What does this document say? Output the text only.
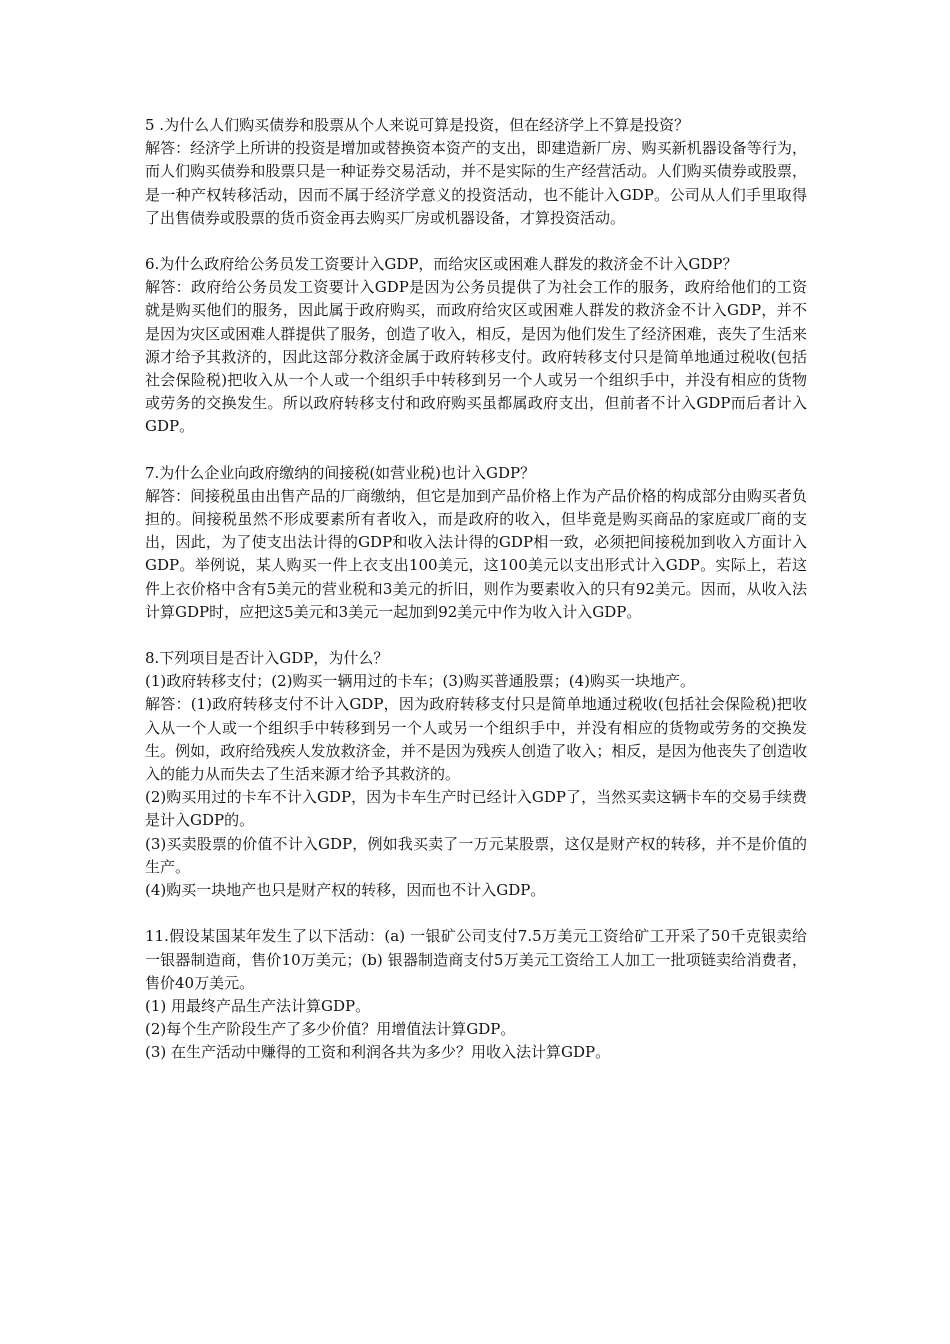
5 .为什么人们购买债券和股票从个人来说可算是投资，但在经济学上不算是投资？

解答：经济学上所讲的投资是增加或替换资本资产的支出，即建造新厂房、购买新机器设备等行为，而人们购买债券和股票只是一种证券交易活动，并不是实际的生产经营活动。人们购买债券或股票，是一种产权转移活动，因而不属于经济学意义的投资活动，也不能计入GDP。公司从人们手里取得了出售债券或股票的货币资金再去购买厂房或机器设备，才算投资活动。

6.为什么政府给公务员发工资要计入GDP，而给灾区或困难人群发的救济金不计入GDP？

解答：政府给公务员发工资要计入GDP是因为公务员提供了为社会工作的服务，政府给他们的工资就是购买他们的服务，因此属于政府购买，而政府给灾区或困难人群发的救济金不计入GDP，并不是因为灾区或困难人群提供了服务，创造了收入，相反，是因为他们发生了经济困难，丧失了生活来源才给予其救济的，因此这部分救济金属于政府转移支付。政府转移支付只是简单地通过税收(包括社会保险税)把收入从一个人或一个组织手中转移到另一个人或另一个组织手中，并没有相应的货物或劳务的交换发生。所以政府转移支付和政府购买虽都属政府支出，但前者不计入GDP而后者计入GDP。

7.为什么企业向政府缴纳的间接税(如营业税)也计入GDP？

解答：间接税虽由出售产品的厂商缴纳，但它是加到产品价格上作为产品价格的构成部分由购买者负担的。间接税虽然不形成要素所有者收入，而是政府的收入，但毕竟是购买商品的家庭或厂商的支出，因此，为了使支出法计得的GDP和收入法计得的GDP相一致，必须把间接税加到收入方面计入GDP。举例说，某人购买一件上衣支出100美元，这100美元以支出形式计入GDP。实际上，若这件上衣价格中含有5美元的营业税和3美元的折旧，则作为要素收入的只有92美元。因而，从收入法计算GDP时，应把这5美元和3美元一起加到92美元中作为收入计入GDP。

8.下列项目是否计入GDP，为什么？

(1)政府转移支付；(2)购买一辆用过的卡车；(3)购买普通股票；(4)购买一块地产。

解答：(1)政府转移支付不计入GDP，因为政府转移支付只是简单地通过税收(包括社会保险税)把收入从一个人或一个组织手中转移到另一个人或另一个组织手中，并没有相应的货物或劳务的交换发生。例如，政府给残疾人发放救济金，并不是因为残疾人创造了收入；相反，是因为他丧失了创造收入的能力从而失去了生活来源才给予其救济的。

(2)购买用过的卡车不计入GDP，因为卡车生产时已经计入GDP了，当然买卖这辆卡车的交易手续费是计入GDP的。

(3)买卖股票的价值不计入GDP，例如我买卖了一万元某股票，这仅是财产权的转移，并不是价值的生产。

(4)购买一块地产也只是财产权的转移，因而也不计入GDP。

11.假设某国某年发生了以下活动：(a) 一银矿公司支付7.5万美元工资给矿工开采了50千克银卖给一银器制造商，售价10万美元；(b) 银器制造商支付5万美元工资给工人加工一批项链卖给消费者，售价40万美元。

(1) 用最终产品生产法计算GDP。

(2)每个生产阶段生产了多少价值？用增值法计算GDP。

(3) 在生产活动中赚得的工资和利润各共为多少？用收入法计算GDP。
